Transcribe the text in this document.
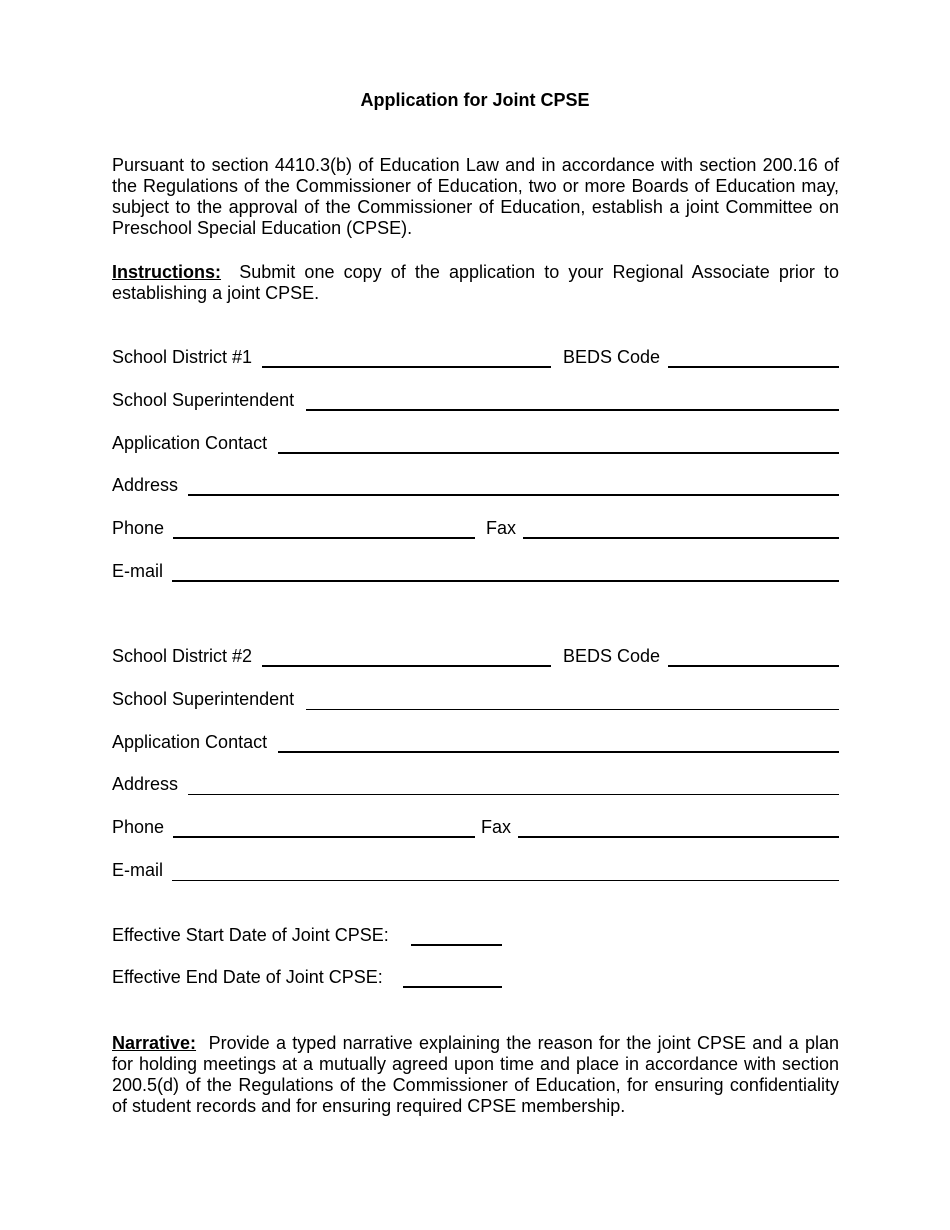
Application for Joint CPSE
Pursuant to section 4410.3(b) of Education Law and in accordance with section 200.16 of the Regulations of the Commissioner of Education, two or more Boards of Education may, subject to the approval of the Commissioner of Education, establish a joint Committee on Preschool Special Education (CPSE).
Instructions: Submit one copy of the application to your Regional Associate prior to establishing a joint CPSE.
School District #1	BEDS Code
School Superintendent
Application Contact
Address
Phone	Fax
E-mail
School District #2	BEDS Code
School Superintendent
Application Contact
Address
Phone	Fax
E-mail
Effective Start Date of Joint CPSE:
Effective End Date of Joint CPSE:
Narrative: Provide a typed narrative explaining the reason for the joint CPSE and a plan for holding meetings at a mutually agreed upon time and place in accordance with section 200.5(d) of the Regulations of the Commissioner of Education, for ensuring confidentiality of student records and for ensuring required CPSE membership.
